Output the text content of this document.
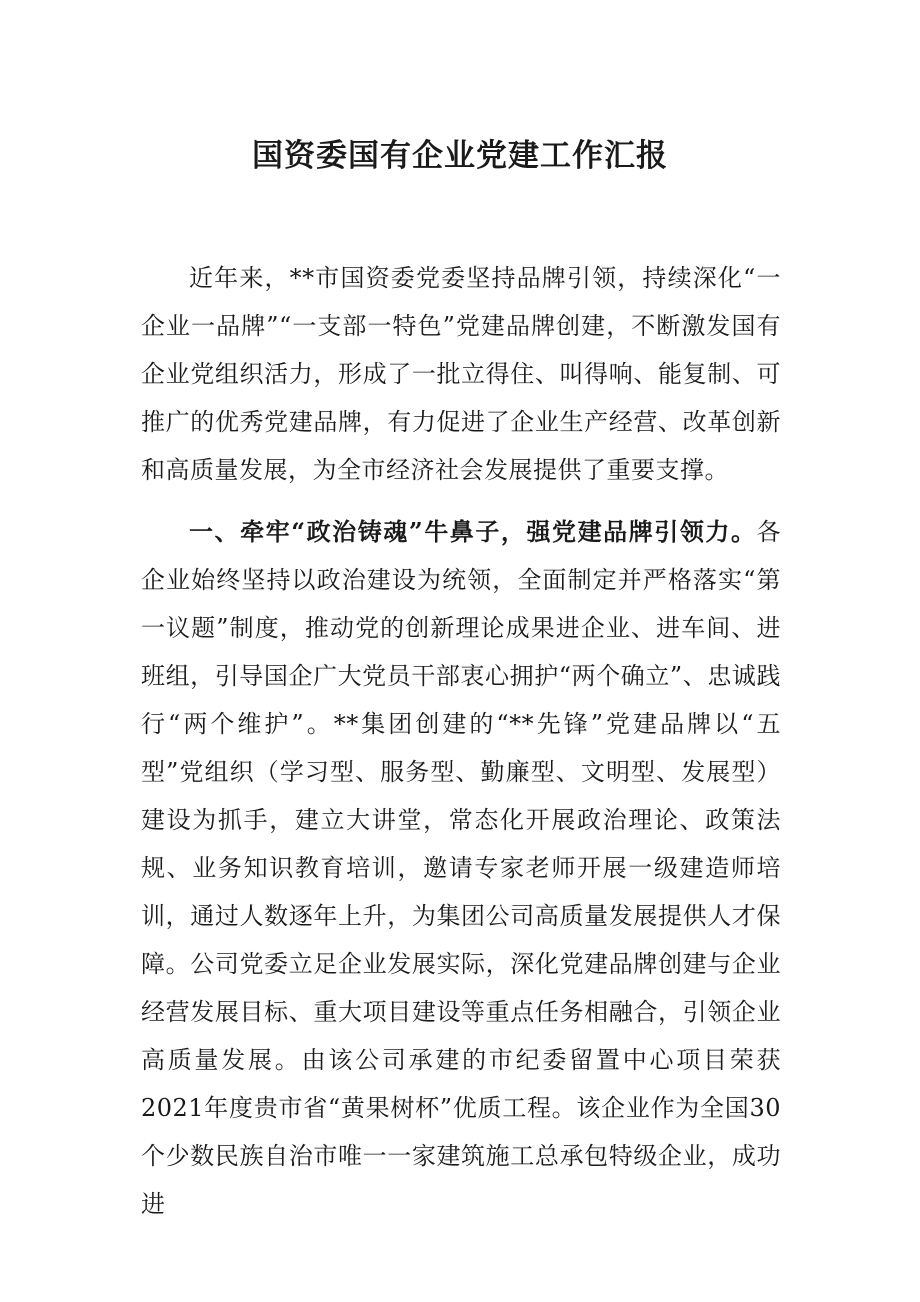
国资委国有企业党建工作汇报

近年来，**市国资委党委坚持品牌引领，持续深化“一企业一品牌”“一支部一特色”党建品牌创建，不断激发国有企业党组织活力，形成了一批立得住、叫得响、能复制、可推广的优秀党建品牌，有力促进了企业生产经营、改革创新和高质量发展，为全市经济社会发展提供了重要支撑。

一、牵牢“政治铸魂”牛鼻子，强党建品牌引领力。各企业始终坚持以政治建设为统领，全面制定并严格落实“第一议题”制度，推动党的创新理论成果进企业、进车间、进班组，引导国企广大党员干部衷心拥护“两个确立”、忠诚践行“两个维护”。**集团创建的“**先锋”党建品牌以“五型”党组织（学习型、服务型、勤廉型、文明型、发展型）建设为抓手，建立大讲堂，常态化开展政治理论、政策法规、业务知识教育培训，邀请专家老师开展一级建造师培训，通过人数逐年上升，为集团公司高质量发展提供人才保障。公司党委立足企业发展实际，深化党建品牌创建与企业经营发展目标、重大项目建设等重点任务相融合，引领企业高质量发展。由该公司承建的市纪委留置中心项目荣获2021年度贵市省“黄果树杯”优质工程。该企业作为全国30个少数民族自治市唯一一家建筑施工总承包特级企业，成功进
